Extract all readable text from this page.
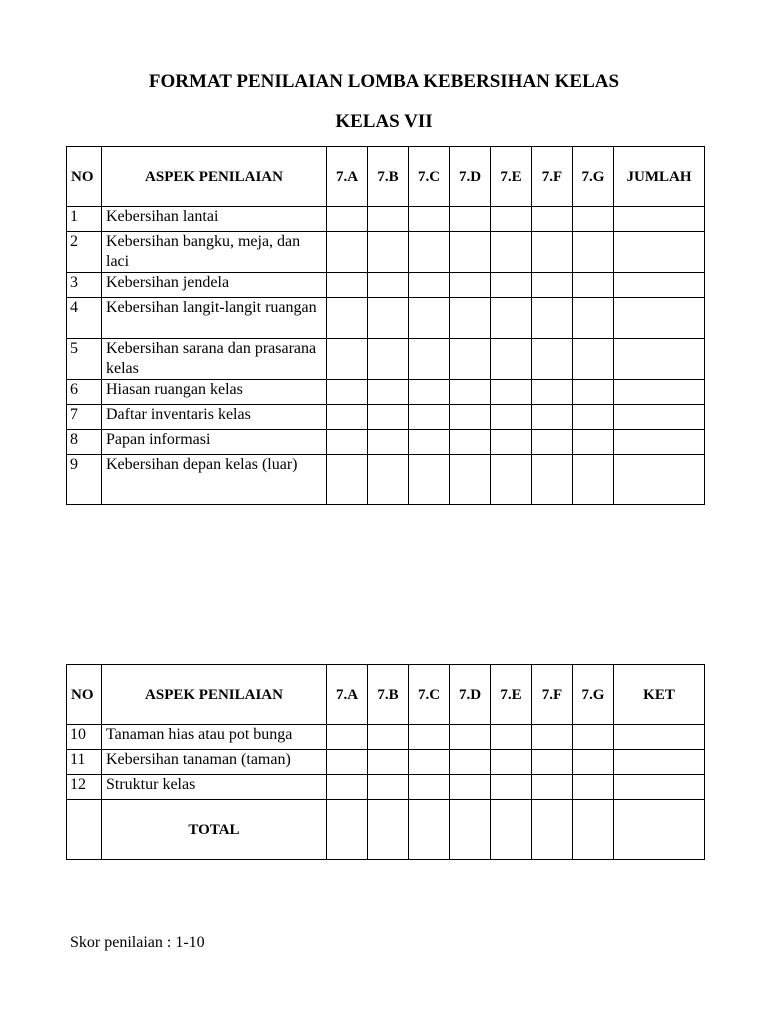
FORMAT PENILAIAN LOMBA KEBERSIHAN KELAS
KELAS VII
NO	ASPEK PENILAIAN	7.A	7.B	7.C	7.D	7.E	7.F	7.G	JUMLAH
1	Kebersihan lantai								
2	Kebersihan bangku, meja, dan laci								
3	Kebersihan jendela								
4	Kebersihan langit-langit ruangan								
5	Kebersihan sarana dan prasarana kelas								
6	Hiasan ruangan kelas								
7	Daftar inventaris kelas								
8	Papan informasi								
9	Kebersihan depan kelas (luar)								
NO	ASPEK PENILAIAN	7.A	7.B	7.C	7.D	7.E	7.F	7.G	KET
10	Tanaman hias atau pot bunga								
11	Kebersihan tanaman (taman)								
12	Struktur kelas								
	TOTAL								
Skor penilaian : 1-10
